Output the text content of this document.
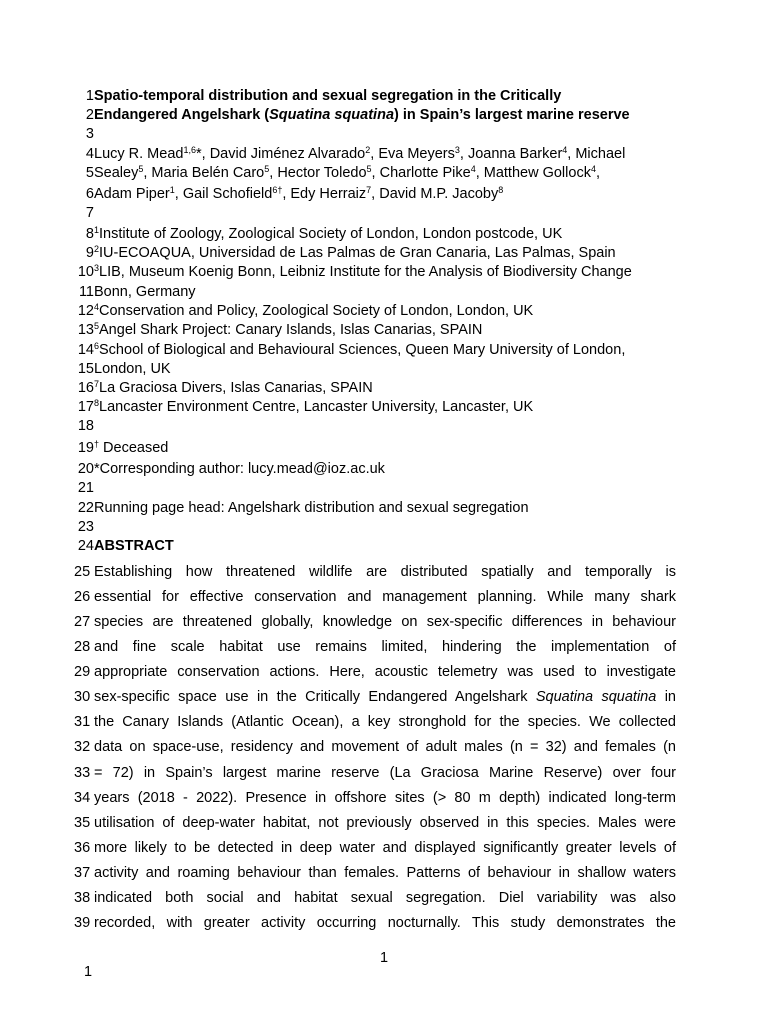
1Spatio-temporal distribution and sexual segregation in the Critically
2Endangered Angelshark (Squatina squatina) in Spain’s largest marine reserve
3
4Lucy R. Mead$^{1,6}$*, David Jiménez Alvarado$^2$, Eva Meyers$^3$, Joanna Barker$^4$, Michael
5Sealey$^5$, Maria Belén Caro$^5$, Hector Toledo$^5$, Charlotte Pike$^4$, Matthew Gollock$^4$,
6Adam Piper$^1$, Gail Schofield$^{6\dagger}$, Edy Herraiz$^7$, David M.P. Jacoby$^8$
7
$8^1Institute$ of Zoology, Zoological Society of London, London postcode, UK
$9^2IU$-ECOAQUA, Universidad de Las Palmas de Gran Canaria, Las Palmas, Spain
$10^3LIB$, Museum Koenig Bonn, Leibniz Institute for the Analysis of Biodiversity Change
11Bonn, Germany
$12^4Conservation$ and Policy, Zoological Society of London, London, UK
$13^5Angel$ Shark Project: Canary Islands, Islas Canarias, SPAIN
$14^6School$ of Biological and Behavioural Sciences, Queen Mary University of London,
15London, UK
$16^7La$ Graciosa Divers, Islas Canarias, SPAIN
$17^8Lancaster$ Environment Centre, Lancaster University, Lancaster, UK
18
19† Deceased
20*Corresponding author: lucy.mead@ioz.ac.uk
21
22Running page head: Angelshark distribution and sexual segregation
23
24ABSTRACT
25 Establishing how threatened wildlife are distributed spatially and temporally is
26 essential for effective conservation and management planning. While many shark
27 species are threatened globally, knowledge on sex-specific differences in behaviour
28 and fine scale habitat use remains limited, hindering the implementation of
29 appropriate conservation actions. Here, acoustic telemetry was used to investigate
30 sex-specific space use in the Critically Endangered Angelshark Squatina squatina in
31 the Canary Islands (Atlantic Ocean), a key stronghold for the species. We collected
32 data on space-use, residency and movement of adult males (n = 32) and females (n
33 = 72) in Spain’s largest marine reserve (La Graciosa Marine Reserve) over four
34 years (2018 - 2022). Presence in offshore sites (> 80 m depth) indicated long-term
35 utilisation of deep-water habitat, not previously observed in this species. Males were
36 more likely to be detected in deep water and displayed significantly greater levels of
37 activity and roaming behaviour than females. Patterns of behaviour in shallow waters
38 indicated both social and habitat sexual segregation. Diel variability was also
39 recorded, with greater activity occurring nocturnally. This study demonstrates the
1
1
